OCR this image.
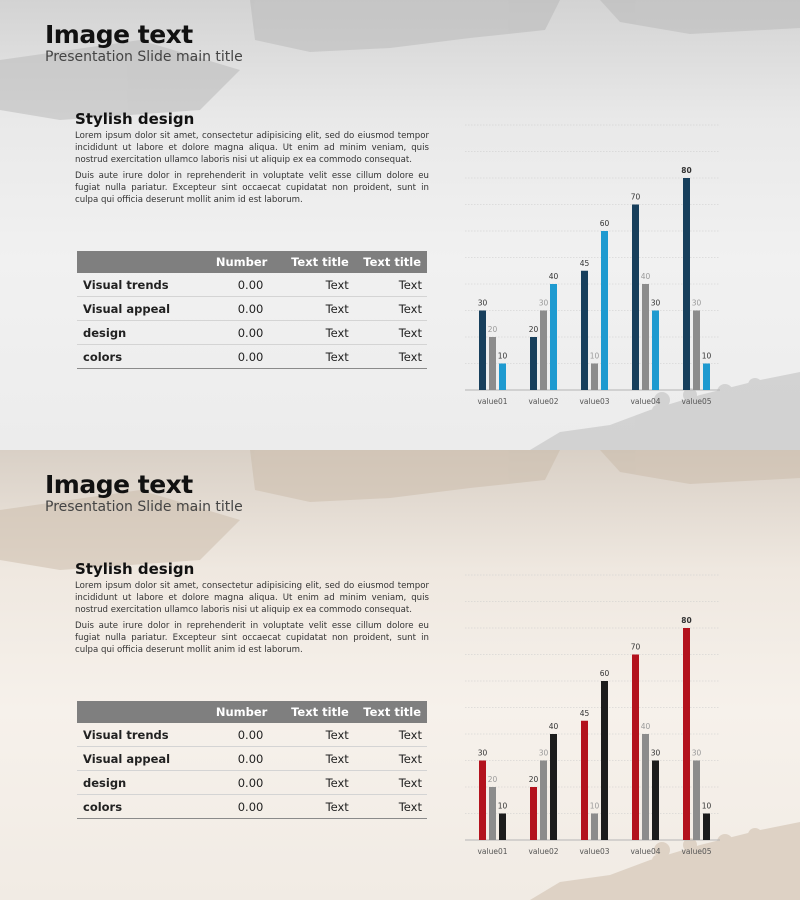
Image text
Presentation Slide main title
Stylish design

Lorem ipsum dolor sit amet, consectetur adipisicing elit, sed do eiusmod tempor incididunt ut labore et dolore magna aliqua. Ut enim ad minim veniam, quis nostrud exercitation ullamco laboris nisi ut aliquip ex ea commodo consequat.

Duis aute irure dolor in reprehenderit in voluptate velit esse cillum dolore eu fugiat nulla pariatur. Excepteur sint occaecat cupidatat non proident, sunt in culpa qui officia deserunt mollit anim id est laborum.

	Number	Text title	Text title
Visual trends	0.00	Text	Text
Visual appeal	0.00	Text	Text
design	0.00	Text	Text
colors	0.00	Text	Text
30
20
10
value01
20
30
40
value02
45
10
60
value03
70
40
30
value04
80
30
10
value05
Image text
Presentation Slide main title
Stylish design

Lorem ipsum dolor sit amet, consectetur adipisicing elit, sed do eiusmod tempor incididunt ut labore et dolore magna aliqua. Ut enim ad minim veniam, quis nostrud exercitation ullamco laboris nisi ut aliquip ex ea commodo consequat.

Duis aute irure dolor in reprehenderit in voluptate velit esse cillum dolore eu fugiat nulla pariatur. Excepteur sint occaecat cupidatat non proident, sunt in culpa qui officia deserunt mollit anim id est laborum.

	Number	Text title	Text title
Visual trends	0.00	Text	Text
Visual appeal	0.00	Text	Text
design	0.00	Text	Text
colors	0.00	Text	Text
30
20
10
value01
20
30
40
value02
45
10
60
value03
70
40
30
value04
80
30
10
value05
